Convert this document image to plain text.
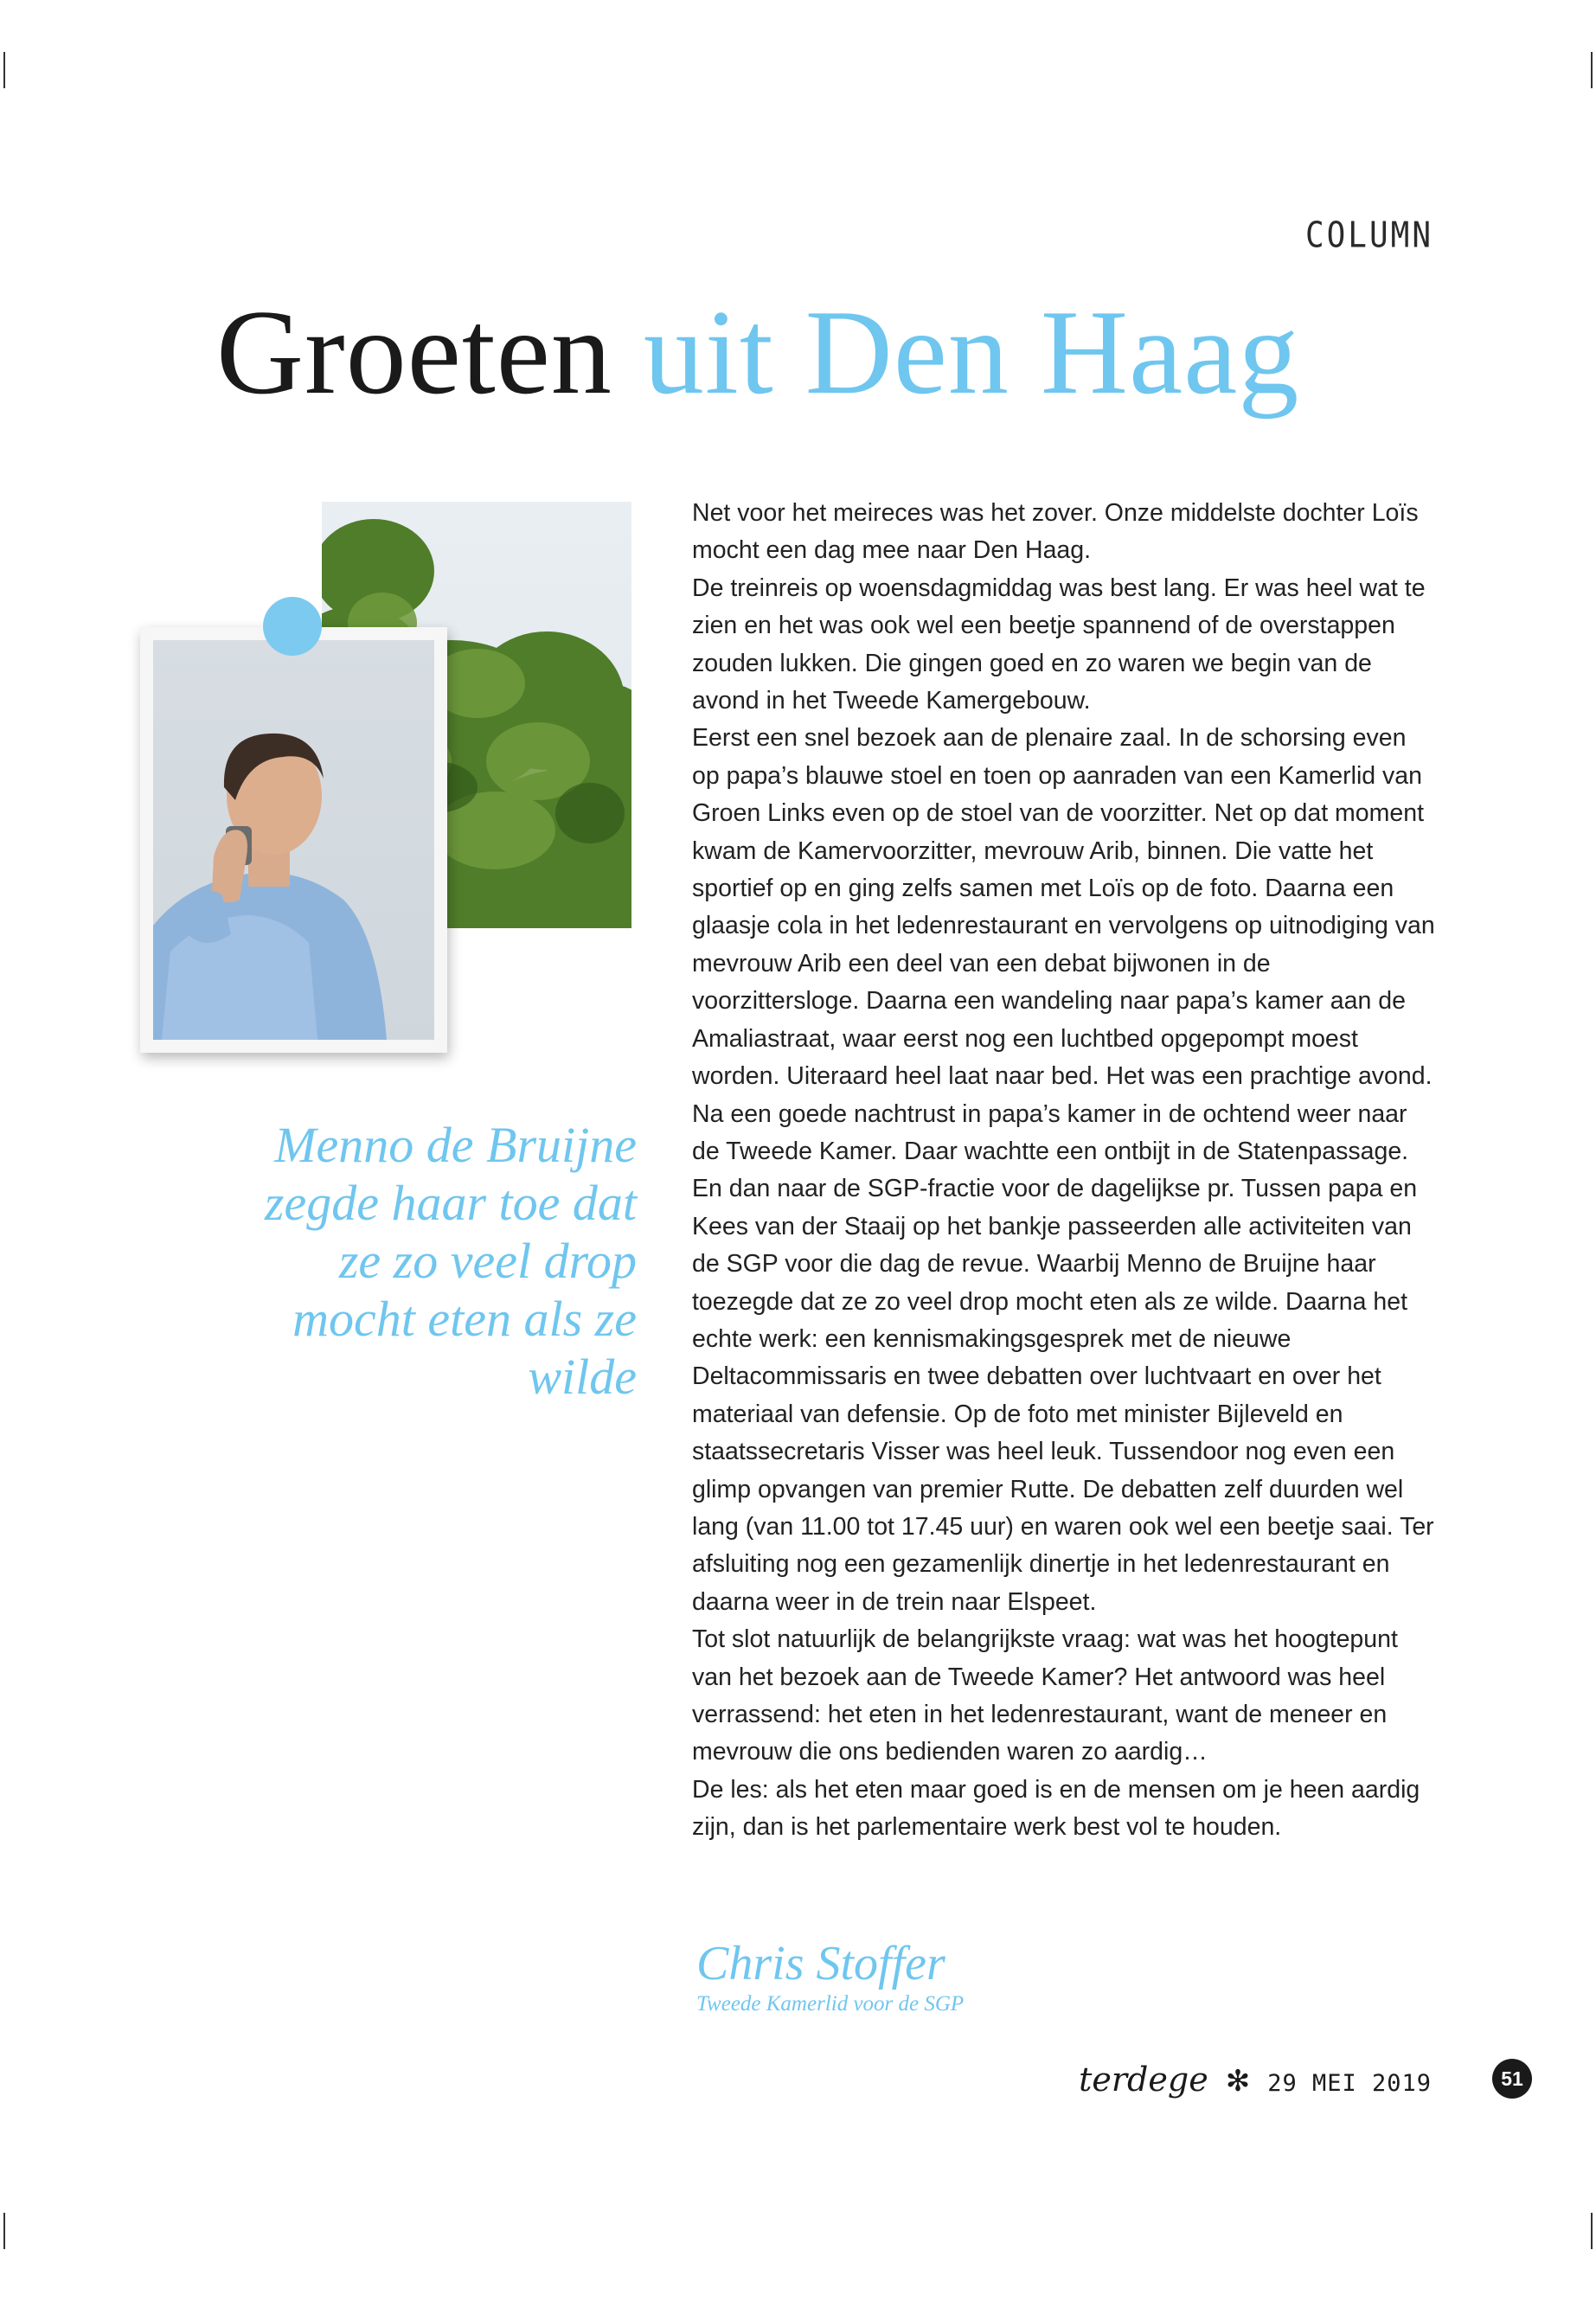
COLUMN
Groeten uit Den Haag

Menno de Bruijne zegde haar toe dat ze zo veel drop mocht eten als ze wilde

Net voor het meireces was het zover. Onze middelste dochter Loïs mocht een dag mee naar Den Haag.

De treinreis op woensdagmiddag was best lang. Er was heel wat te zien en het was ook wel een beetje spannend of de overstappen zouden lukken. Die gingen goed en zo waren we begin van de avond in het Tweede Kamergebouw.

Eerst een snel bezoek aan de plenaire zaal. In de schorsing even op papa’s blauwe stoel en toen op aanraden van een Kamerlid van Groen Links even op de stoel van de voorzitter. Net op dat moment kwam de Kamervoorzitter, mevrouw Arib, binnen. Die vatte het sportief op en ging zelfs samen met Loïs op de foto. Daarna een glaasje cola in het ledenrestaurant en vervolgens op uitnodiging van mevrouw Arib een deel van een debat bijwonen in de voorzittersloge. Daarna een wandeling naar papa’s kamer aan de Amaliastraat, waar eerst nog een luchtbed opgepompt moest worden. Uiteraard heel laat naar bed. Het was een prachtige avond.

Na een goede nachtrust in papa’s kamer in de ochtend weer naar de Tweede Kamer. Daar wachtte een ontbijt in de Statenpassage. En dan naar de SGP-fractie voor de dagelijkse pr. Tussen papa en Kees van der Staaij op het bankje passeerden alle activiteiten van de SGP voor die dag de revue. Waarbij Menno de Bruijne haar toezegde dat ze zo veel drop mocht eten als ze wilde. Daarna het echte werk: een kennismakingsgesprek met de nieuwe Deltacommissaris en twee debatten over luchtvaart en over het materiaal van defensie. Op de foto met minister Bijleveld en staatssecretaris Visser was heel leuk. Tussendoor nog even een glimp opvangen van premier Rutte. De debatten zelf duurden wel lang (van 11.00 tot 17.45 uur) en waren ook wel een beetje saai. Ter afsluiting nog een gezamenlijk dinertje in het ledenrestaurant en daarna weer in de trein naar Elspeet.

Tot slot natuurlijk de belangrijkste vraag: wat was het hoogtepunt van het bezoek aan de Tweede Kamer? Het antwoord was heel verrassend: het eten in het ledenrestaurant, want de meneer en mevrouw die ons bedienden waren zo aardig…

De les: als het eten maar goed is en de mensen om je heen aardig zijn, dan is het parlementaire werk best vol te houden.

Chris Stoffer
Tweede Kamerlid voor de SGP
terdege ✻ 29 MEI 2019	51
